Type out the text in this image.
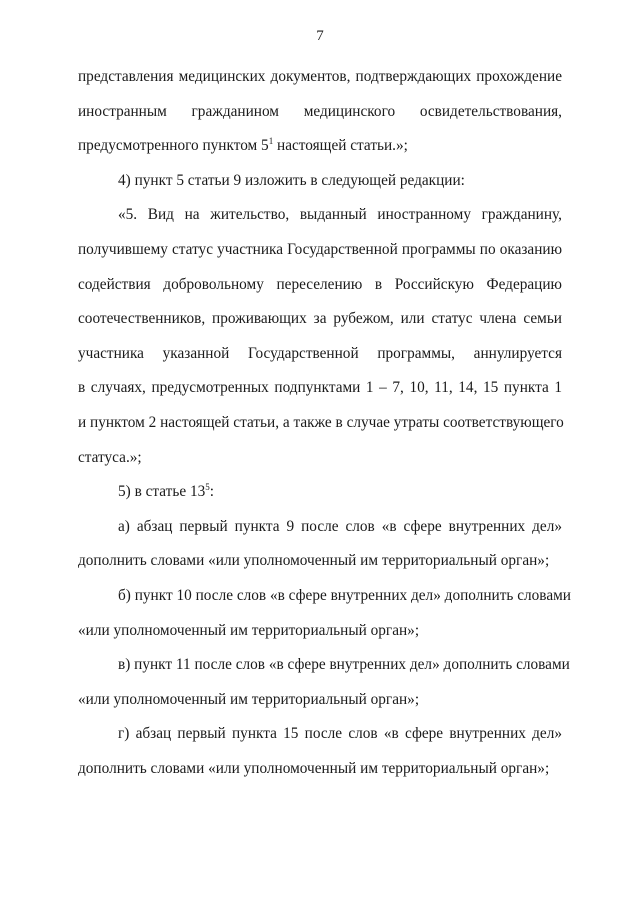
7
представления медицинских документов, подтверждающих прохождение
иностранным гражданином медицинского освидетельствования,
предусмотренного пунктом $5^1$ настоящей статьи.»;
4) пункт 5 статьи 9 изложить в следующей редакции:
«5. Вид на жительство, выданный иностранному гражданину,
получившему статус участника Государственной программы по оказанию
содействия добровольному переселению в Российскую Федерацию
соотечественников, проживающих за рубежом, или статус члена семьи
участника указанной Государственной программы, аннулируется
в случаях, предусмотренных подпунктами 1 – 7, 10, 11, 14, 15 пункта 1
и пунктом 2 настоящей статьи, а также в случае утраты соответствующего
статуса.»;
5) в статье $13^5$:
а) абзац первый пункта 9 после слов «в сфере внутренних дел»
дополнить словами «или уполномоченный им территориальный орган»;
б) пункт 10 после слов «в сфере внутренних дел» дополнить словами
«или уполномоченный им территориальный орган»;
в) пункт 11 после слов «в сфере внутренних дел» дополнить словами
«или уполномоченный им территориальный орган»;
г) абзац первый пункта 15 после слов «в сфере внутренних дел»
дополнить словами «или уполномоченный им территориальный орган»;
